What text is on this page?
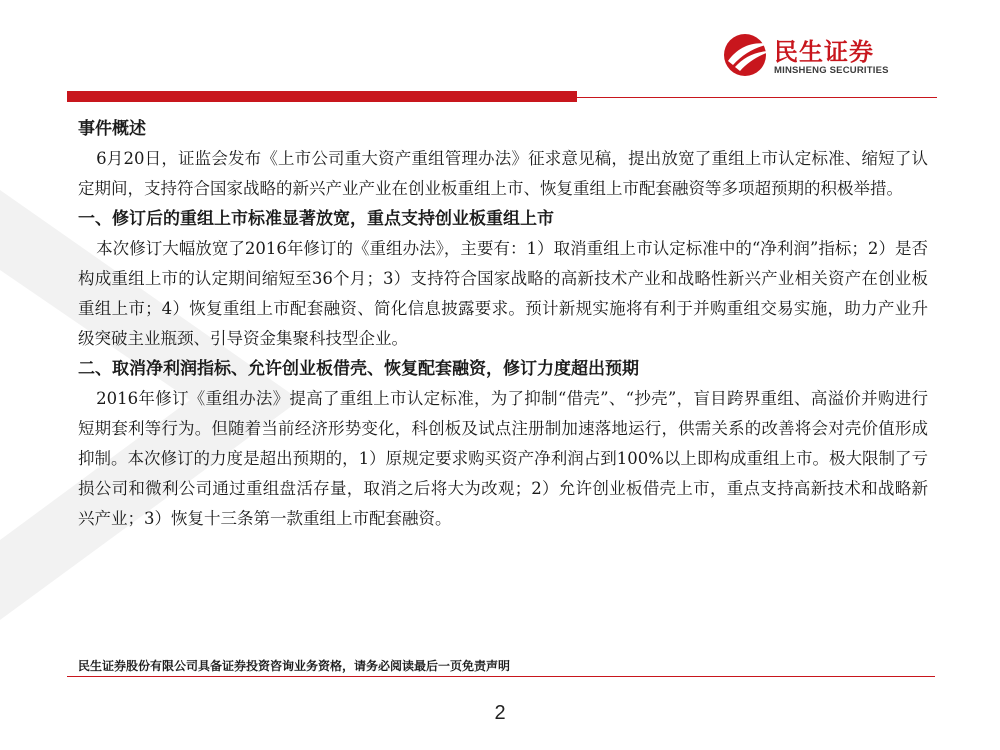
民生证券
MINSHENG SECURITIES
事件概述

6月20日，证监会发布《上市公司重大资产重组管理办法》征求意见稿，提出放宽了重组上市认定标准、缩短了认定期间，支持符合国家战略的新兴产业产业在创业板重组上市、恢复重组上市配套融资等多项超预期的积极举措。

一、修订后的重组上市标准显著放宽，重点支持创业板重组上市

本次修订大幅放宽了2016年修订的《重组办法》，主要有：1）取消重组上市认定标准中的“净利润”指标；2）是否构成重组上市的认定期间缩短至36个月；3）支持符合国家战略的高新技术产业和战略性新兴产业相关资产在创业板重组上市；4）恢复重组上市配套融资、简化信息披露要求。预计新规实施将有利于并购重组交易实施，助力产业升级突破主业瓶颈、引导资金集聚科技型企业。

二、取消净利润指标、允许创业板借壳、恢复配套融资，修订力度超出预期

2016年修订《重组办法》提高了重组上市认定标准，为了抑制“借壳”、“抄壳”，盲目跨界重组、高溢价并购进行短期套利等行为。但随着当前经济形势变化，科创板及试点注册制加速落地运行，供需关系的改善将会对壳价值形成抑制。本次修订的力度是超出预期的，1）原规定要求购买资产净利润占到100%以上即构成重组上市。极大限制了亏损公司和微利公司通过重组盘活存量，取消之后将大为改观；2）允许创业板借壳上市，重点支持高新技术和战略新兴产业；3）恢复十三条第一款重组上市配套融资。

民生证券股份有限公司具备证券投资咨询业务资格，请务必阅读最后一页免责声明
2
